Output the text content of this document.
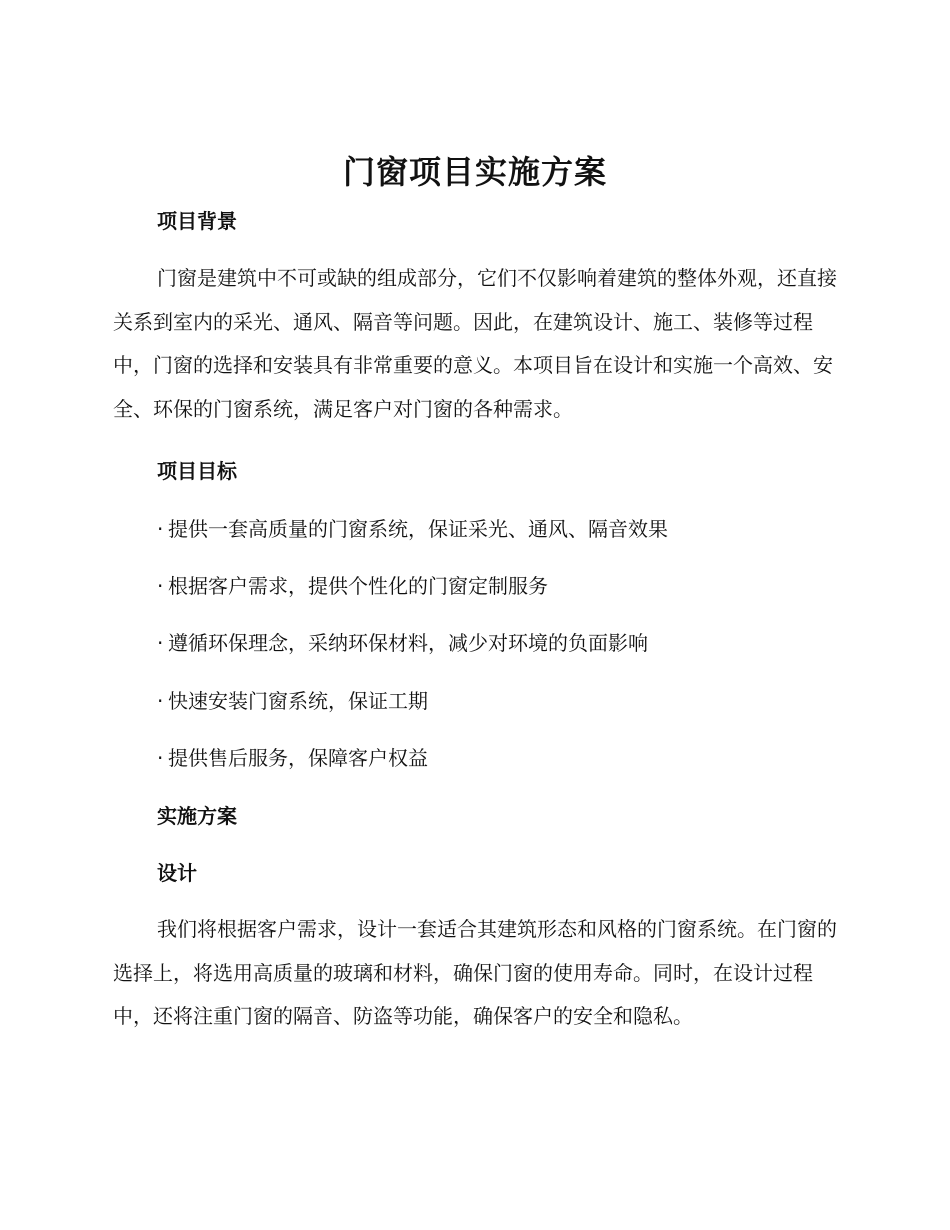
门窗项目实施方案
项目背景

门窗是建筑中不可或缺的组成部分，它们不仅影响着建筑的整体外观，还直接关系到室内的采光、通风、隔音等问题。因此，在建筑设计、施工、装修等过程中，门窗的选择和安装具有非常重要的意义。本项目旨在设计和实施一个高效、安全、环保的门窗系统，满足客户对门窗的各种需求。

项目目标
· 提供一套高质量的门窗系统，保证采光、通风、隔音效果
· 根据客户需求，提供个性化的门窗定制服务
· 遵循环保理念，采纳环保材料，减少对环境的负面影响
· 快速安装门窗系统，保证工期
· 提供售后服务，保障客户权益
实施方案
设计

我们将根据客户需求，设计一套适合其建筑形态和风格的门窗系统。在门窗的选择上，将选用高质量的玻璃和材料，确保门窗的使用寿命。同时，在设计过程中，还将注重门窗的隔音、防盗等功能，确保客户的安全和隐私。
